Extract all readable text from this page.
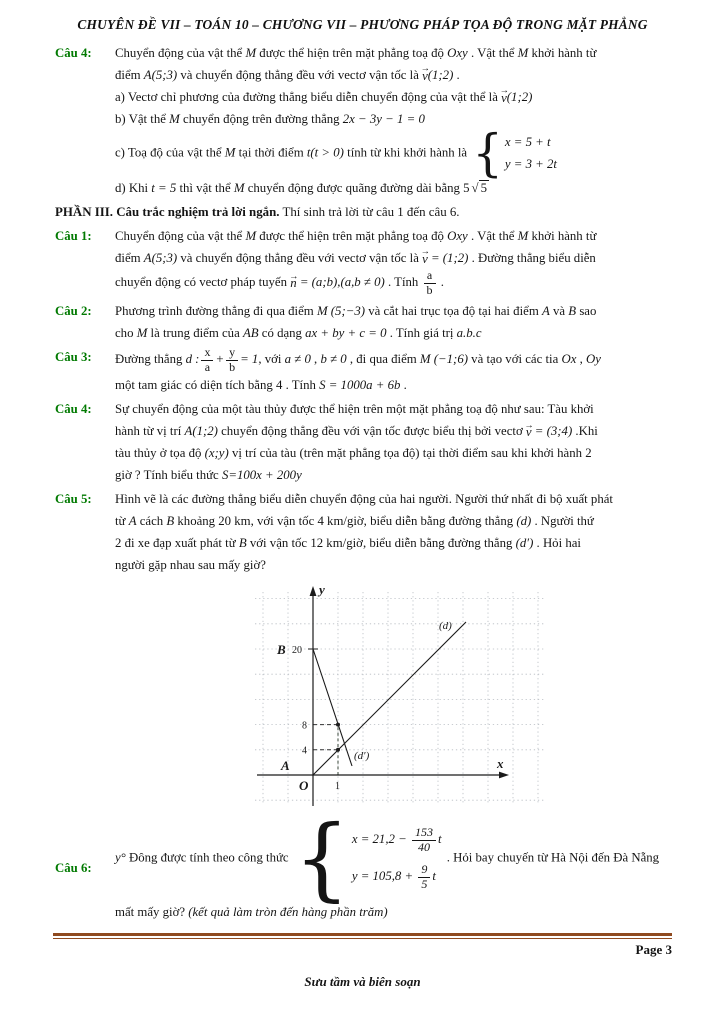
CHUYÊN ĐỀ VII – TOÁN 10 – CHƯƠNG VII – PHƯƠNG PHÁP TỌA ĐỘ TRONG MẶT PHẲNG
Câu 4:	Chuyển động của vật thể M được thể hiện trên mặt phẳng toạ độ Oxy . Vật thể M khởi hành từ
điểm A(5;3) và chuyển động thẳng đều với vectơ vận tốc là v →(1;2) .
a) Vectơ chỉ phương của đường thẳng biểu diễn chuyển động của vật thể là v →(1;2)
b) Vật thể M chuyển động trên đường thẳng 2x − 3y − 1 = 0
c) Toạ độ của vật thể M tại thời điểm t(t > 0) tính từ khi khởi hành là { x = 5 + t
y = 3 + 2t
d) Khi t = 5 thì vật thể M chuyển động được quãng đường dài bằng 5 √ 5
PHẦN III. Câu trắc nghiệm trả lời ngắn. Thí sinh trả lời từ câu 1 đến câu 6.
Câu 1:	Chuyển động của vật thể M được thể hiện trên mặt phẳng toạ độ Oxy . Vật thể M khởi hành từ
điểm A(5;3) và chuyển động thẳng đều với vectơ vận tốc là v → = (1;2) . Đường thẳng biểu diễn
chuyển động có vectơ pháp tuyến n → = (a;b),(a,b ≠ 0) . Tính $\frac{a}{b}$ .
Câu 2:	Phương trình đường thẳng đi qua điểm M (5;−3) và cắt hai trục tọa độ tại hai điểm A và B sao
cho M là trung điểm của AB có dạng ax + by + c = 0 . Tính giá trị a.b.c
Câu 3:	Đường thẳng d : $\frac{x}{a} + \frac{y}{b} = 1$, với a ≠ 0 , b ≠ 0 , đi qua điểm M (−1;6) và tạo với các tia Ox , Oy
một tam giác có diện tích bằng 4 . Tính S = 1000a + 6b .
Câu 4:	Sự chuyển động của một tàu thủy được thể hiện trên một mặt phẳng toạ độ như sau: Tàu khởi
hành từ vị trí A(1;2) chuyển động thẳng đều với vận tốc được biểu thị bởi vectơ v → = (3;4) .Khi
tàu thủy ở tọa độ (x;y) vị trí của tàu (trên mặt phẳng tọa độ) tại thời điểm sau khi khởi hành 2
giờ ? Tính biểu thức S=100x + 200y
Câu 5:	Hình vẽ là các đường thẳng biểu diễn chuyển động của hai người. Người thứ nhất đi bộ xuất phát
từ A cách B khoảng 20 km, với vận tốc 4 km/giờ, biểu diễn bằng đường thẳng (d) . Người thứ
2 đi xe đạp xuất phát từ B với vận tốc 12 km/giờ, biểu diễn bằng đường thẳng (d′) . Hỏi hai
người gặp nhau sau mấy giờ?
y
x
O
A
B 20
8
4
1
(d)
(d′)
Câu 6:
y° Đông được tính theo công thức { $x = 21,2 - \frac{153}{40}$ t
$y = 105,8 + \frac{9}{5}$ t
. Hỏi bay chuyến từ Hà Nội đến Đà Nẵng
mất mấy giờ? (kết quả làm tròn đến hàng phần trăm)
Page 3
Sưu tầm và biên soạn
